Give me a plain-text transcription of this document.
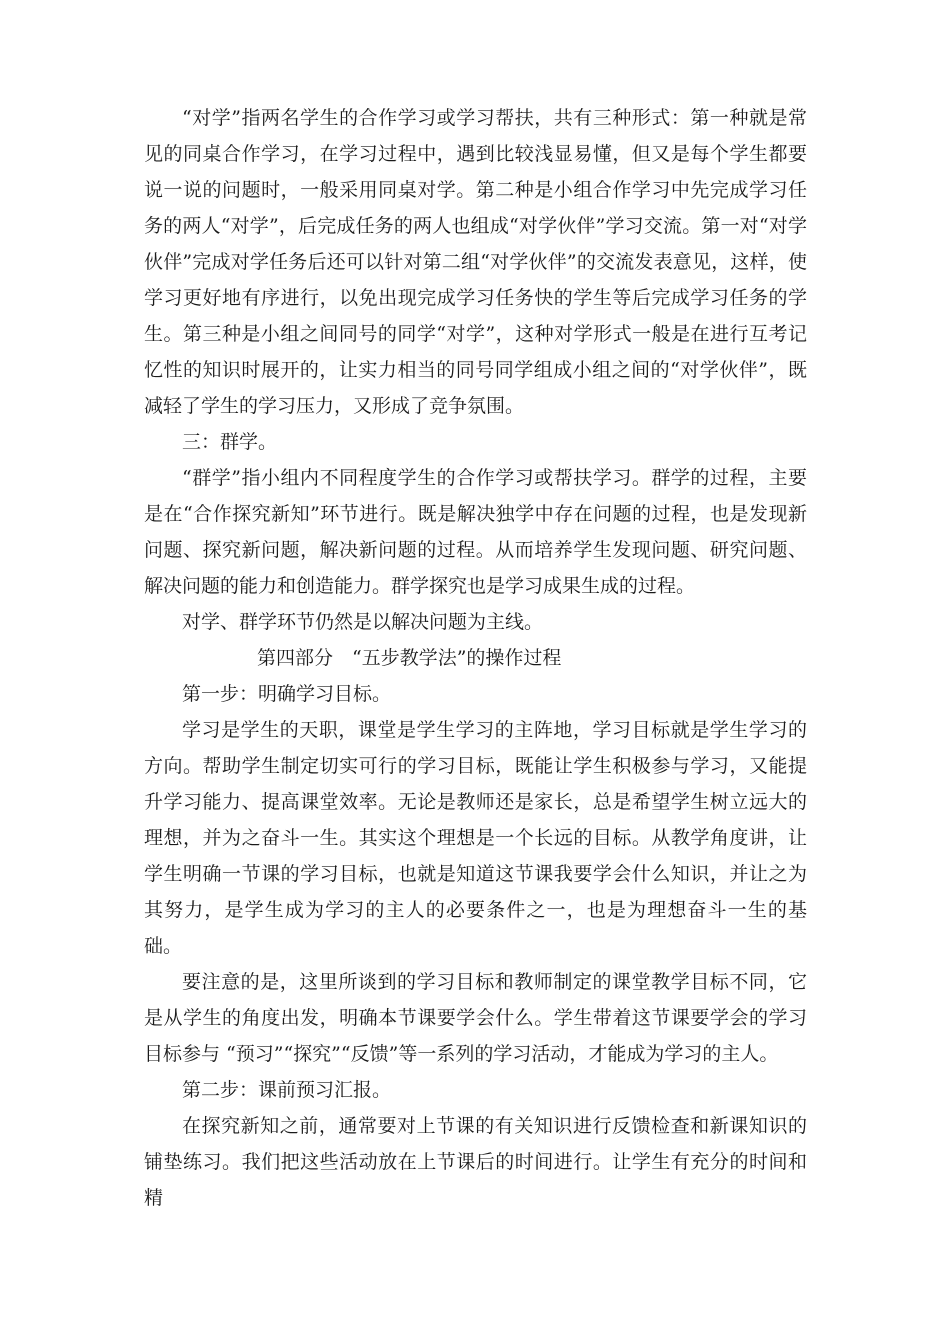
“对学”指两名学生的合作学习或学习帮扶，共有三种形式：第一种就是常见的同桌合作学习，在学习过程中，遇到比较浅显易懂，但又是每个学生都要说一说的问题时，一般采用同桌对学。第二种是小组合作学习中先完成学习任务的两人“对学”，后完成任务的两人也组成“对学伙伴”学习交流。第一对“对学伙伴”完成对学任务后还可以针对第二组“对学伙伴”的交流发表意见，这样，使学习更好地有序进行，以免出现完成学习任务快的学生等后完成学习任务的学生。第三种是小组之间同号的同学“对学”，这种对学形式一般是在进行互考记忆性的知识时展开的，让实力相当的同号同学组成小组之间的“对学伙伴”，既减轻了学生的学习压力，又形成了竞争氛围。

三：群学。

“群学”指小组内不同程度学生的合作学习或帮扶学习。群学的过程，主要是在“合作探究新知”环节进行。既是解决独学中存在问题的过程，也是发现新问题、探究新问题，解决新问题的过程。从而培养学生发现问题、研究问题、解决问题的能力和创造能力。群学探究也是学习成果生成的过程。

对学、群学环节仍然是以解决问题为主线。

第四部分　“五步教学法”的操作过程

第一步：明确学习目标。

学习是学生的天职，课堂是学生学习的主阵地，学习目标就是学生学习的方向。帮助学生制定切实可行的学习目标，既能让学生积极参与学习，又能提升学习能力、提高课堂效率。无论是教师还是家长，总是希望学生树立远大的理想，并为之奋斗一生。其实这个理想是一个长远的目标。从教学角度讲，让学生明确一节课的学习目标，也就是知道这节课我要学会什么知识，并让之为其努力，是学生成为学习的主人的必要条件之一，也是为理想奋斗一生的基础。

要注意的是，这里所谈到的学习目标和教师制定的课堂教学目标不同，它是从学生的角度出发，明确本节课要学会什么。学生带着这节课要学会的学习目标参与 “预习”“探究”“反馈”等一系列的学习活动，才能成为学习的主人。

第二步：课前预习汇报。

在探究新知之前，通常要对上节课的有关知识进行反馈检查和新课知识的铺垫练习。我们把这些活动放在上节课后的时间进行。让学生有充分的时间和精
